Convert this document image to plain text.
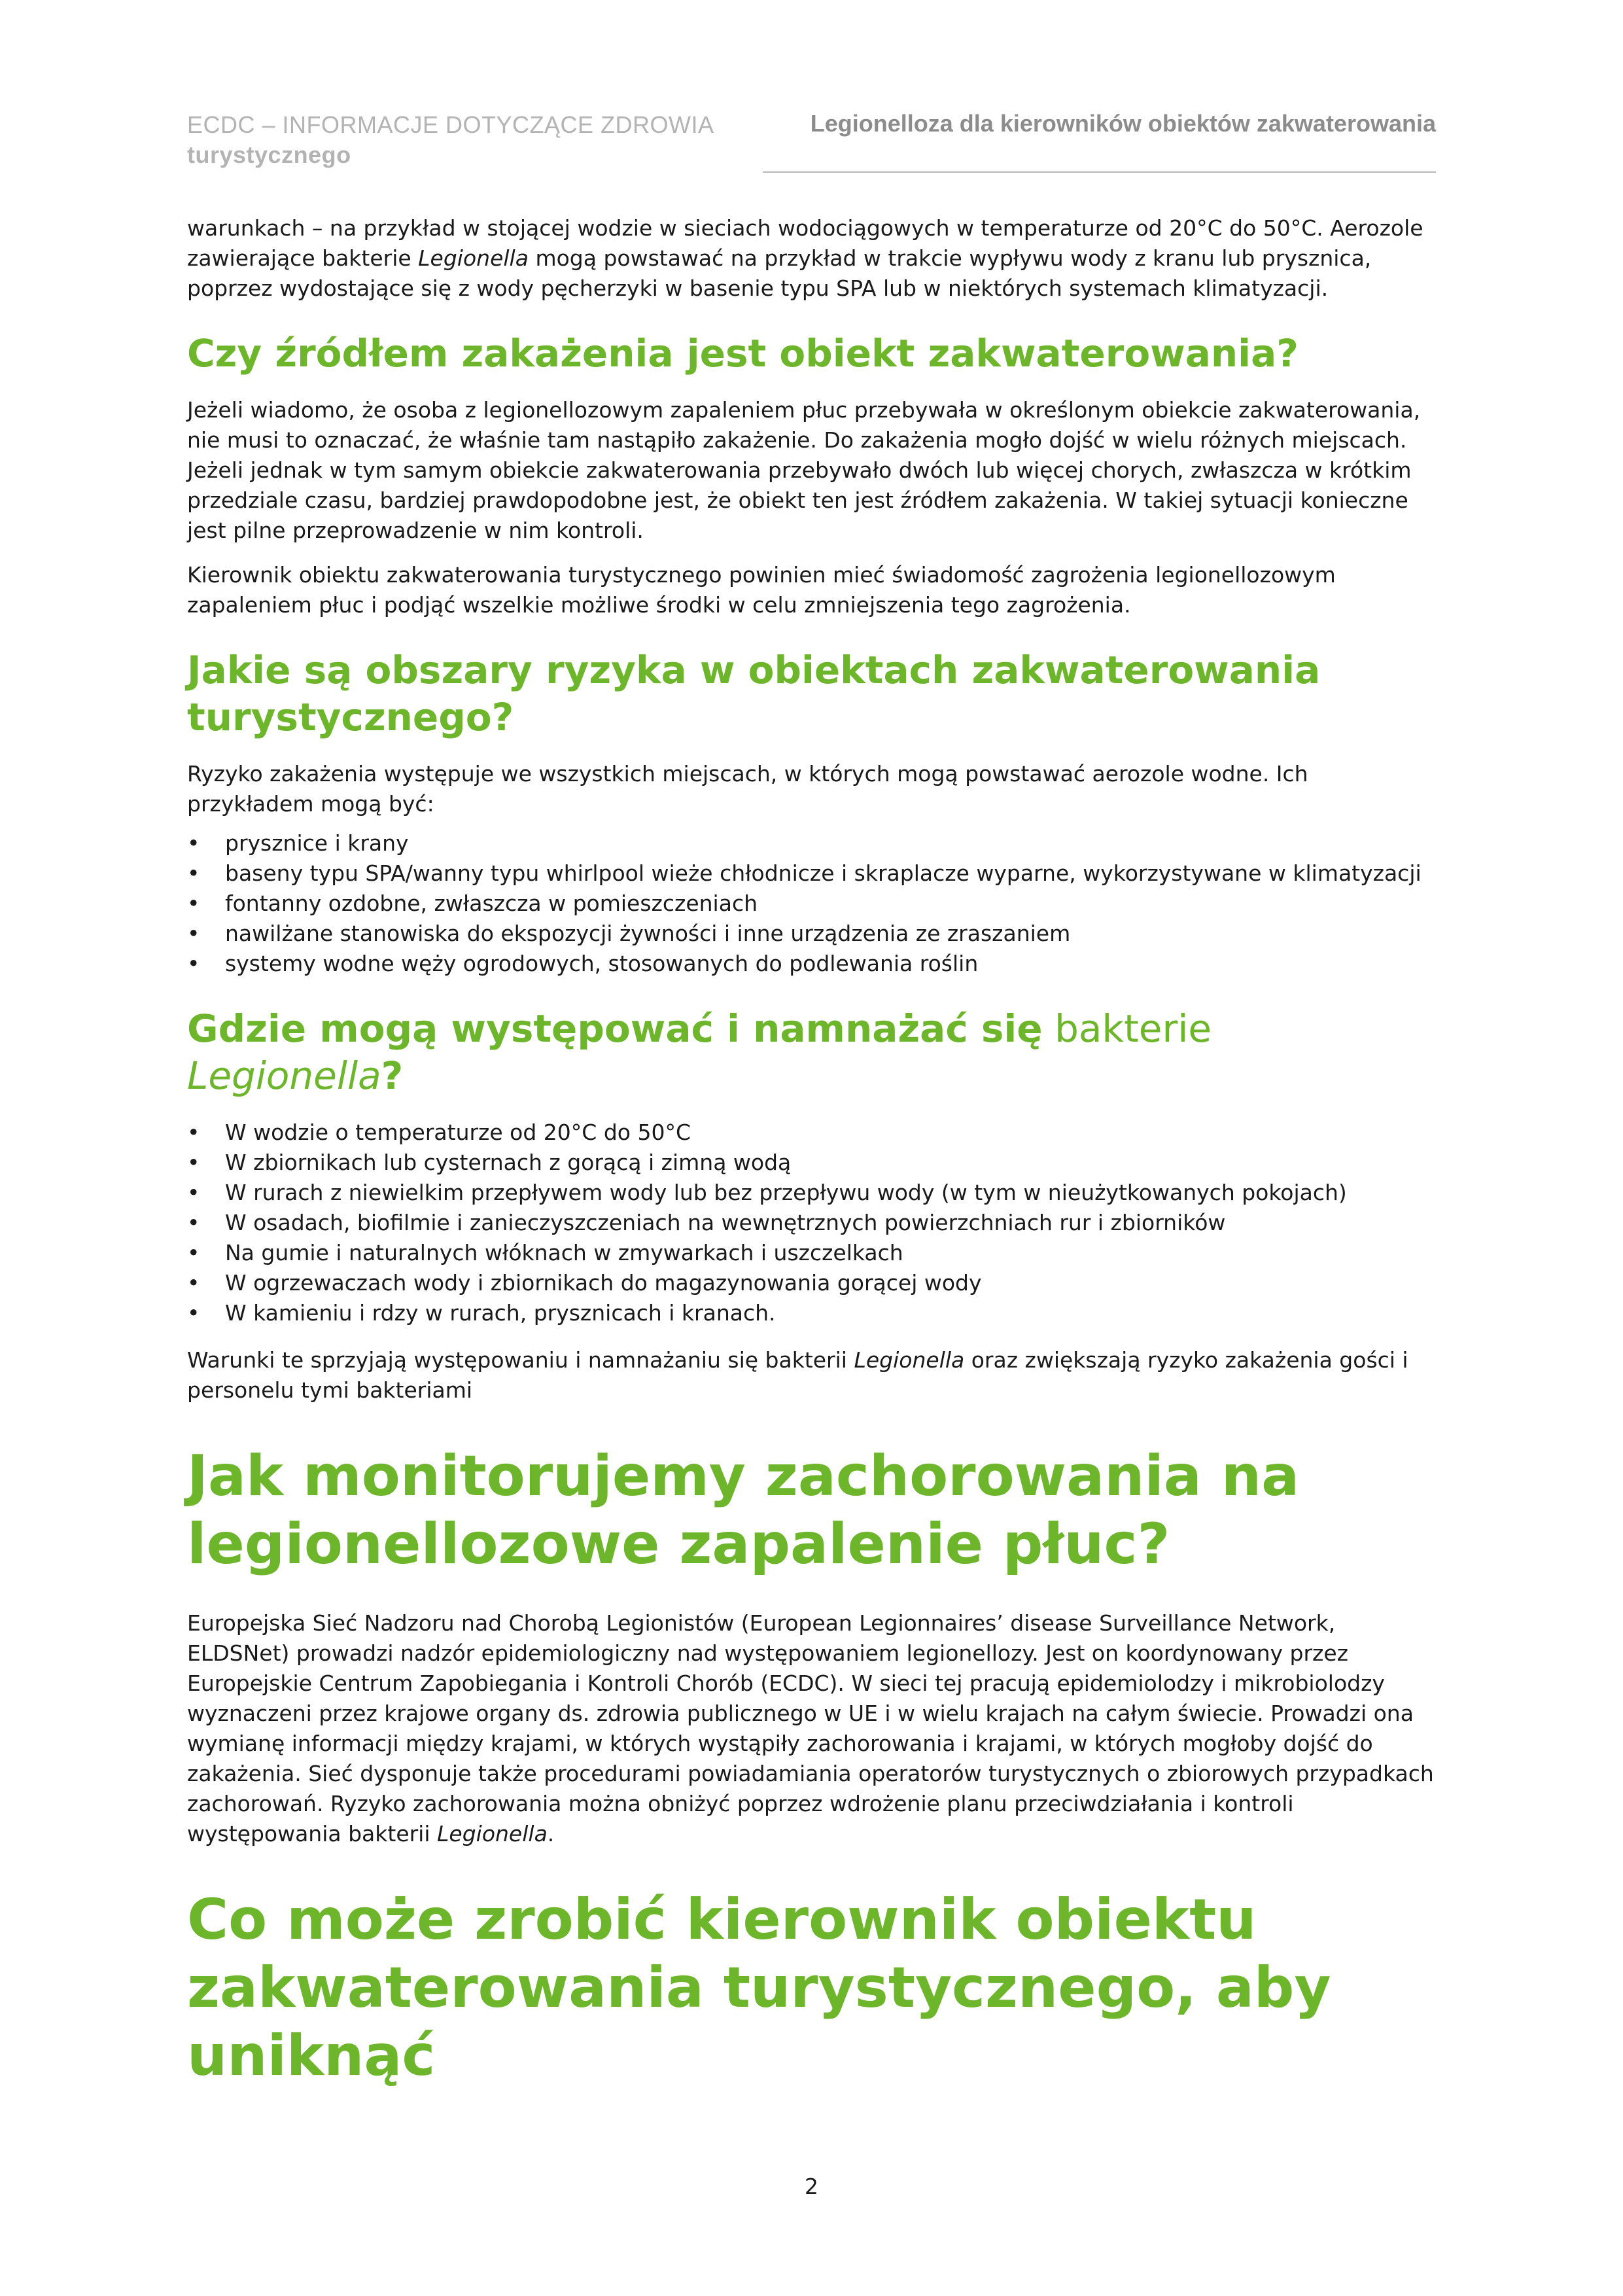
ECDC – INFORMACJE DOTYCZĄCE ZDROWIA
turystycznego
Legionelloza dla kierowników obiektów zakwaterowania

warunkach – na przykład w stojącej wodzie w sieciach wodociągowych w temperaturze od 20°C do 50°C. Aerozole zawierające bakterie Legionella mogą powstawać na przykład w trakcie wypływu wody z kranu lub prysznica, poprzez wydostające się z wody pęcherzyki w basenie typu SPA lub w niektórych systemach klimatyzacji.

Czy źródłem zakażenia jest obiekt zakwaterowania?

Jeżeli wiadomo, że osoba z legionellozowym zapaleniem płuc przebywała w określonym obiekcie zakwaterowania, nie musi to oznaczać, że właśnie tam nastąpiło zakażenie. Do zakażenia mogło dojść w wielu różnych miejscach. Jeżeli jednak w tym samym obiekcie zakwaterowania przebywało dwóch lub więcej chorych, zwłaszcza w krótkim przedziale czasu, bardziej prawdopodobne jest, że obiekt ten jest źródłem zakażenia. W takiej sytuacji konieczne jest pilne przeprowadzenie w nim kontroli.

Kierownik obiektu zakwaterowania turystycznego powinien mieć świadomość zagrożenia legionellozowym zapaleniem płuc i podjąć wszelkie możliwe środki w celu zmniejszenia tego zagrożenia.

Jakie są obszary ryzyka w obiektach zakwaterowania turystycznego?

Ryzyko zakażenia występuje we wszystkich miejscach, w których mogą powstawać aerozole wodne. Ich przykładem mogą być:

• prysznice i krany
• baseny typu SPA/wanny typu whirlpool wieże chłodnicze i skraplacze wyparne, wykorzystywane w klimatyzacji
• fontanny ozdobne, zwłaszcza w pomieszczeniach
• nawilżane stanowiska do ekspozycji żywności i inne urządzenia ze zraszaniem
• systemy wodne węży ogrodowych, stosowanych do podlewania roślin
Gdzie mogą występować i namnażać się bakterie Legionella?
• W wodzie o temperaturze od 20°C do 50°C
• W zbiornikach lub cysternach z gorącą i zimną wodą
• W rurach z niewielkim przepływem wody lub bez przepływu wody (w tym w nieużytkowanych pokojach)
• W osadach, biofilmie i zanieczyszczeniach na wewnętrznych powierzchniach rur i zbiorników
• Na gumie i naturalnych włóknach w zmywarkach i uszczelkach
• W ogrzewaczach wody i zbiornikach do magazynowania gorącej wody
• W kamieniu i rdzy w rurach, prysznicach i kranach.

Warunki te sprzyjają występowaniu i namnażaniu się bakterii Legionella oraz zwiększają ryzyko zakażenia gości i personelu tymi bakteriami

Jak monitorujemy zachorowania na legionellozowe zapalenie płuc?

Europejska Sieć Nadzoru nad Chorobą Legionistów (European Legionnaires’ disease Surveillance Network, ELDSNet) prowadzi nadzór epidemiologiczny nad występowaniem legionellozy. Jest on koordynowany przez Europejskie Centrum Zapobiegania i Kontroli Chorób (ECDC). W sieci tej pracują epidemiolodzy i mikrobiolodzy wyznaczeni przez krajowe organy ds. zdrowia publicznego w UE i w wielu krajach na całym świecie. Prowadzi ona wymianę informacji między krajami, w których wystąpiły zachorowania i krajami, w których mogłoby dojść do zakażenia. Sieć dysponuje także procedurami powiadamiania operatorów turystycznych o zbiorowych przypadkach zachorowań. Ryzyko zachorowania można obniżyć poprzez wdrożenie planu przeciwdziałania i kontroli występowania bakterii Legionella.

Co może zrobić kierownik obiektu zakwaterowania turystycznego, aby uniknąć
2
